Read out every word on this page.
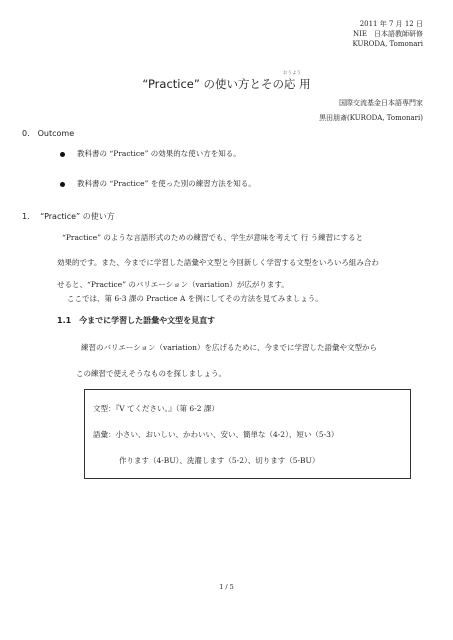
2011 年 7 月 12 日
NIE　日本語教師研修
KURODA, Tomonari
おうよう
“Practice” の使い方とその応 用
国際交流基金日本語専門家
黒田朋斎(KURODA, Tomonari)
0.　Outcome
教科書の “Practice” の効果的な使い方を知る。
教科書の “Practice” を使った別の練習方法を知る。
1.　 “Practice” の使い方
“Practice” のような言語形式のための練習でも、学生が意味を考えて 行 う練習にすると
効果的です。また、今までに学習した語彙や文型と今回新しく学習する文型をいろいろ組み合わ
せると、“Practice” のバリエーション（variation）が広がります。
ここでは、第 6-3 課の Practice A を例にしてその方法を見てみましょう。
1.1　今までに学習した語彙や文型を見直す
練習のバリエーション（variation）を広げるために、今までに学習した語彙や文型から
この練習で使えそうなものを探しましょう。
文型：『V てください。』（第 6-2 課）
語彙：小さい、おいしい、かわいい、安い、簡単な（4-2）、短い（5-3）
作ります（4-BU）、洗濯します（5-2）、切ります（5-BU）
1 / 5
